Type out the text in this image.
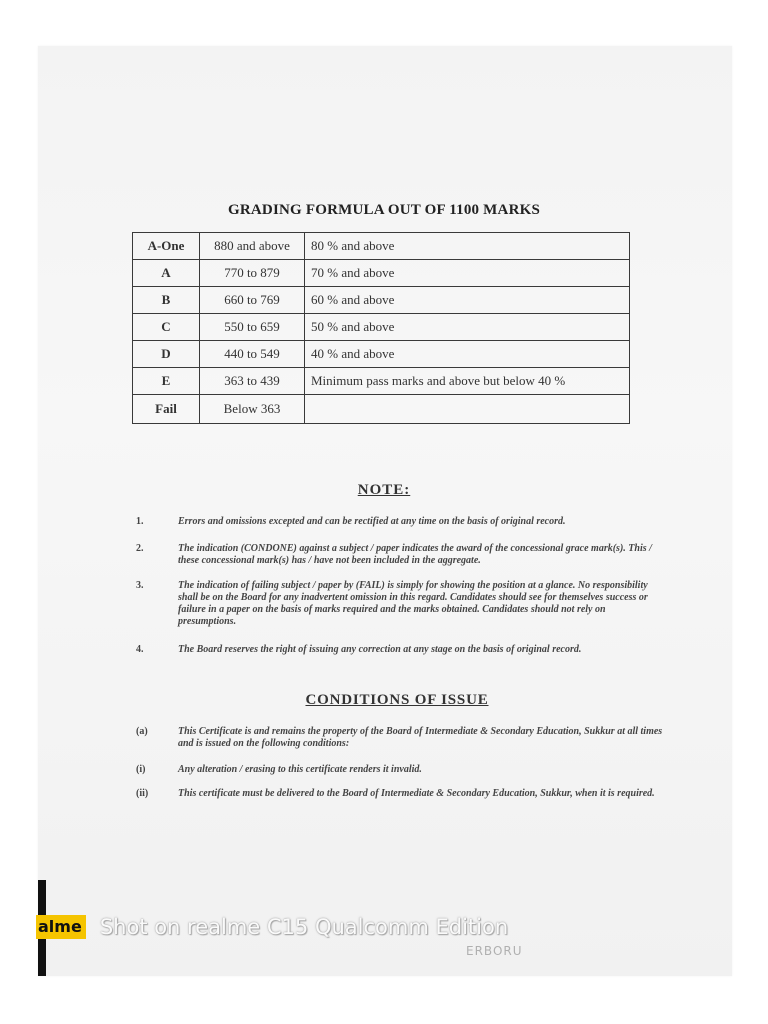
GRADING FORMULA OUT OF 1100 MARKS
A-One	880 and above	80 % and above
A	770 to 879	70 % and above
B	660 to 769	60 % and above
C	550 to 659	50 % and above
D	440 to 549	40 % and above
E	363 to 439	Minimum pass marks and above but below 40 %
Fail	Below 363	
NOTE:
1.	Errors and omissions excepted and can be rectified at any time on the basis of original record.
2.	The indication (CONDONE) against a subject / paper indicates the award of the concessional grace mark(s). This / these concessional mark(s) has / have not been included in the aggregate.
3.	The indication of failing subject / paper by (FAIL) is simply for showing the position at a glance. No responsibility shall be on the Board for any inadvertent omission in this regard. Candidates should see for themselves success or failure in a paper on the basis of marks required and the marks obtained. Candidates should not rely on presumptions.
4.	The Board reserves the right of issuing any correction at any stage on the basis of original record.
CONDITIONS OF ISSUE
(a)	This Certificate is and remains the property of the Board of Intermediate & Secondary Education, Sukkur at all times and is issued on the following conditions:
(i)	Any alteration / erasing to this certificate renders it invalid.
(ii)	This certificate must be delivered to the Board of Intermediate & Secondary Education, Sukkur, when it is required.
ERBORU
alme Shot on realme C15 Qualcomm Edition
